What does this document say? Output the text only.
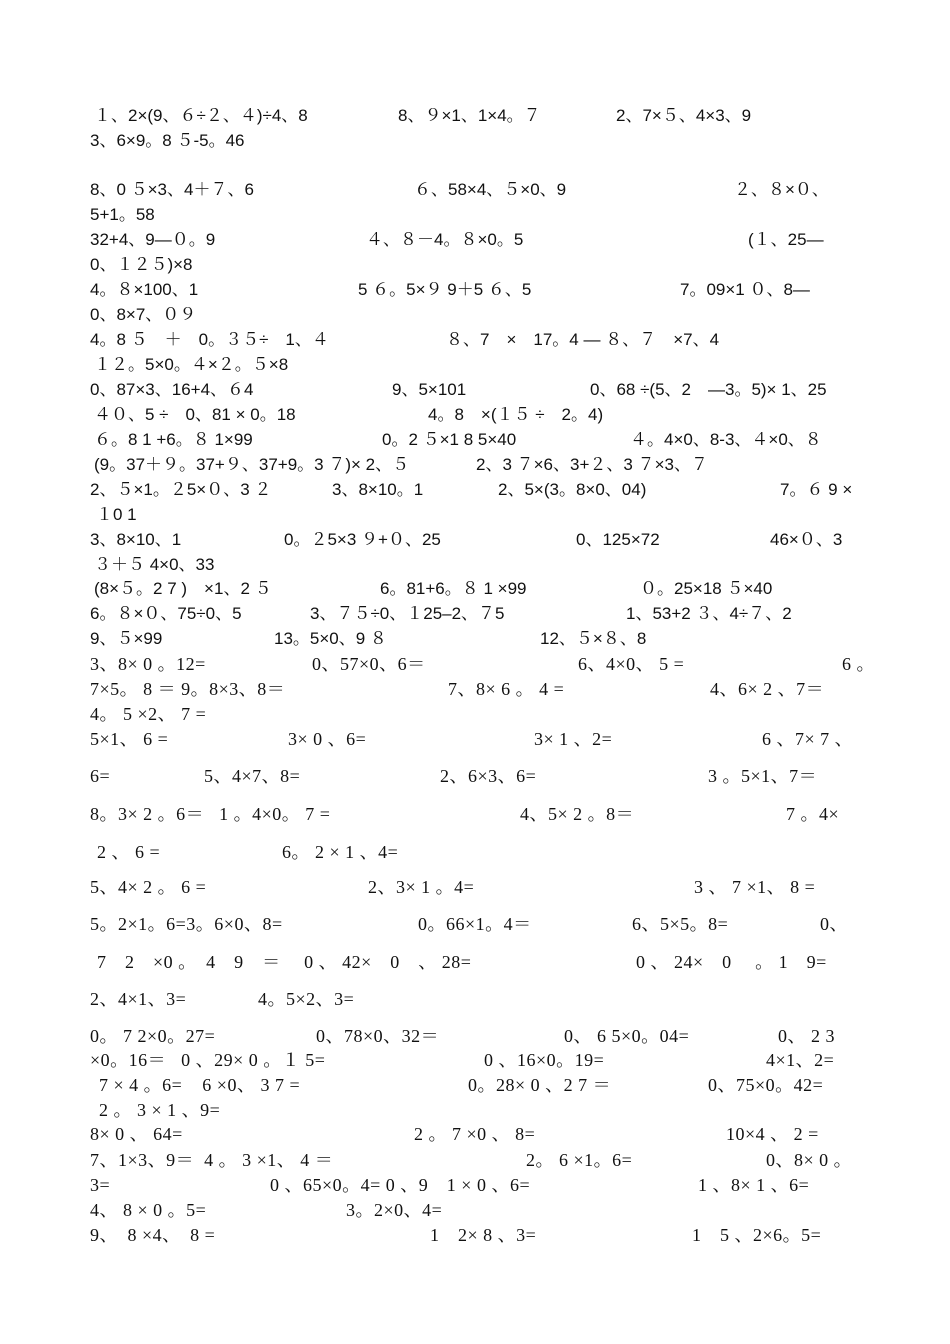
１、2×(9、６÷２、４)÷4、8	8、９×1、1×4。７	2、7×５、4×3、9
3、6×9。8 ５-5。46
8、0 ５×3、4＋７、6	６、58×4、５×0、9	２、８×０、
5+1。58
32+4、9—０。9	４、８－4。８×0。5	(１、25—
0、１２５)×8
4。８×100、1	5 ６。5×９ 9＋5 ６、5	7。09×1 ０、8—
0、8×7、０９
4。8 ５　＋　0。３５÷　1、４	８、7　×　17。4 — ８、７　×7、4
１２。5×0。４×２。５×8
0、87×3、16+4、６4	9、5×101	0、68 ÷(5、2　—3。5)× 1、25
４０、5 ÷　0、81 × 0。18	4。8　×(１５ ÷　2。4)
６。8 1 +6。８ 1×99	0。2 ５×1 8 5×40	４。4×0、8-3、４×0、８
(9。37＋９。37+９、37+9。3 ７)× 2、５	2、3 ７×6、3+２、3 ７×3、７
2、５×1。２5×０、3 ２	3、8×10。1	2、5×(3。8×0、04)	7。６ 9 ×
１0 1
3、8×10、1	0。２5×3 ９+０、25	0、125×72	46×０、3
３＋５ 4×0、33
(8×５。2 7 )　×1、2 ５	6。81+6。８ 1 ×99	０。25×18 ５×40
6。８×０、75÷0、5	3、７５÷0、１25–2、７5	1、53+2 ３、4÷７、2
9、５×99	13。5×0、9 ８	12、５×８、8
3、8× 0 。12=	0、57×0、6＝	6、4×0、 5 =	6 。
7×5。 8 ＝ 9。8×3、8＝	7、8× 6 。 4 =	4、6× 2 、7＝
4。 5 ×2、 7 =
5×1、 6 =	3× 0 、6=	3× 1 、2=	6 、7× 7 、
6=	5、4×7、8=	2、6×3、6=	3 。5×1、7＝
8。3× 2 。6＝   1 。4×0。 7 =	4、5× 2 。8＝	7 。4×
2 、 6 =	6。 2 × 1 、4=
5、4× 2 。 6 =	2、3× 1 。4=	3 、 7 ×1、 8 =
5。2×1。6=3。6×0、8=	0。66×1。4＝	6、5×5。8=	0、
7　2　×0 。　4　9　＝　 0 、 42×　0　、 28=	0 、 24×　0 　。 1　9=
2、4×1、3=	4。5×2、3=
0。 7 2×0。27=	0、78×0、32＝	0、 6 5×0。04=	0、 2 3
×0。16＝   0 、29× 0 。１ 5=	0 、16×0。19=	4×1、2=
7 × 4 。6=    6 ×0、 3 7 =	0。28× 0 、2 7 ＝	0、75×0。42=
2 。 3 × 1 、9=
8× 0 、 64=	2 。 7 ×0 、 8=	10×4 、 2 =
7、1×3、9＝  4 。 3 ×1、 4 ＝	2。 6 ×1。6=	0、8× 0 。
3=	0 、65×0。4= 0 、9　1 × 0 、6=	1 、8× 1 、6=
4、 8 × 0 。5=	3。2×0、4=
9、　8 ×4、　8 =	1　2× 8 、3=	1　5 、2×6。5=
